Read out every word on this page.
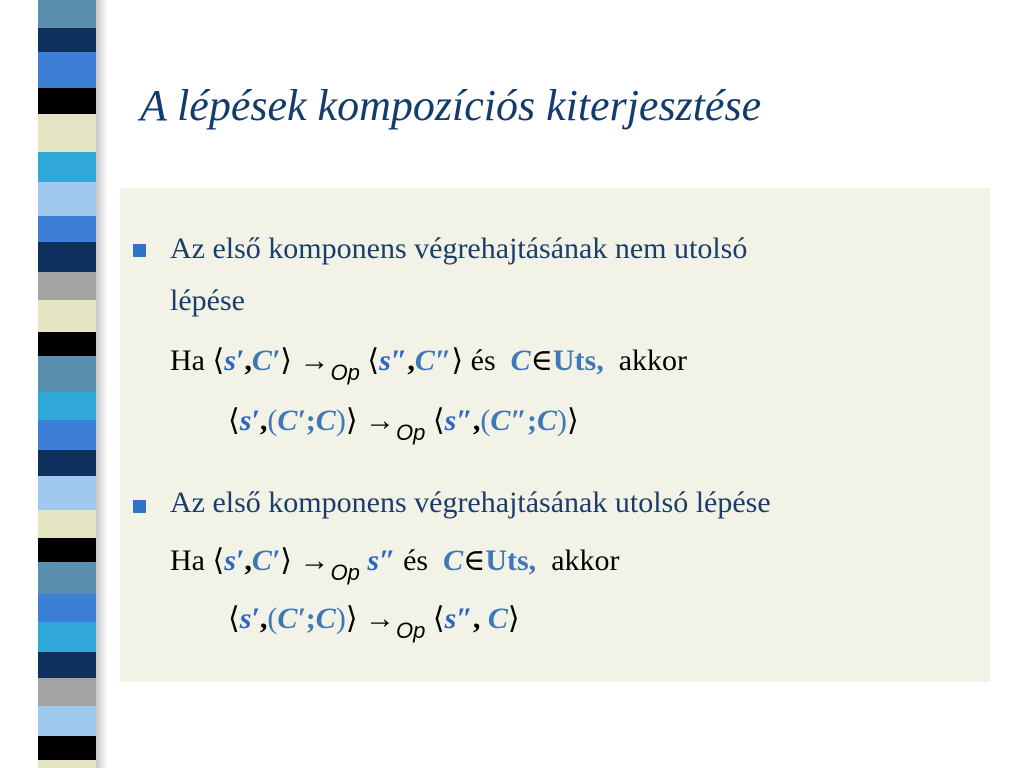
A lépések kompozíciós kiterjesztése
Az első komponens végrehajtásának nem utolsó
lépése
Ha ⟨s′,C′⟩ $\to_{Op}$ ⟨s″,C″⟩ és C∈Uts, akkor
⟨s′,(C′;C)⟩ $\to_{Op}$ ⟨s″,(C″;C)⟩
Az első komponens végrehajtásának utolsó lépése
Ha ⟨s′,C′⟩ $\to_{Op}$ s″ és C∈Uts, akkor
⟨s′,(C′;C)⟩ $\to_{Op}$ ⟨s″, C⟩
